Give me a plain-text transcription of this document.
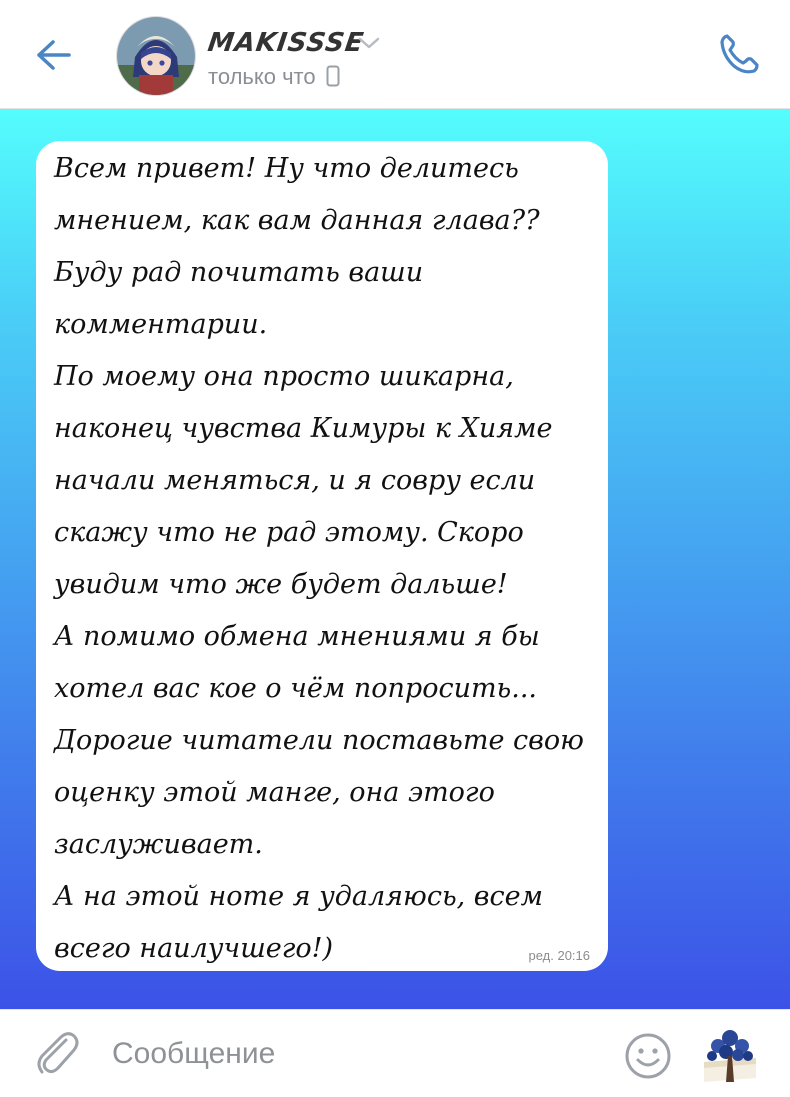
MAKISSSE
только что
Всем привет! Ну что делитесь
мнением, как вам данная глава??
Буду рад почитать ваши
комментарии.
По моему она просто шикарна,
наконец чувства Кимуры к Хияме
начали меняться, и я совру если
скажу что не рад этому. Скоро
увидим что же будет дальше!
А помимо обмена мнениями я бы
хотел вас кое о чём попросить...
Дорогие читатели поставьте свою
оценку этой манге, она этого
заслуживает.
А на этой ноте я удаляюсь, всем
всего наилучшего!)	ред. 20:16
Сообщение
